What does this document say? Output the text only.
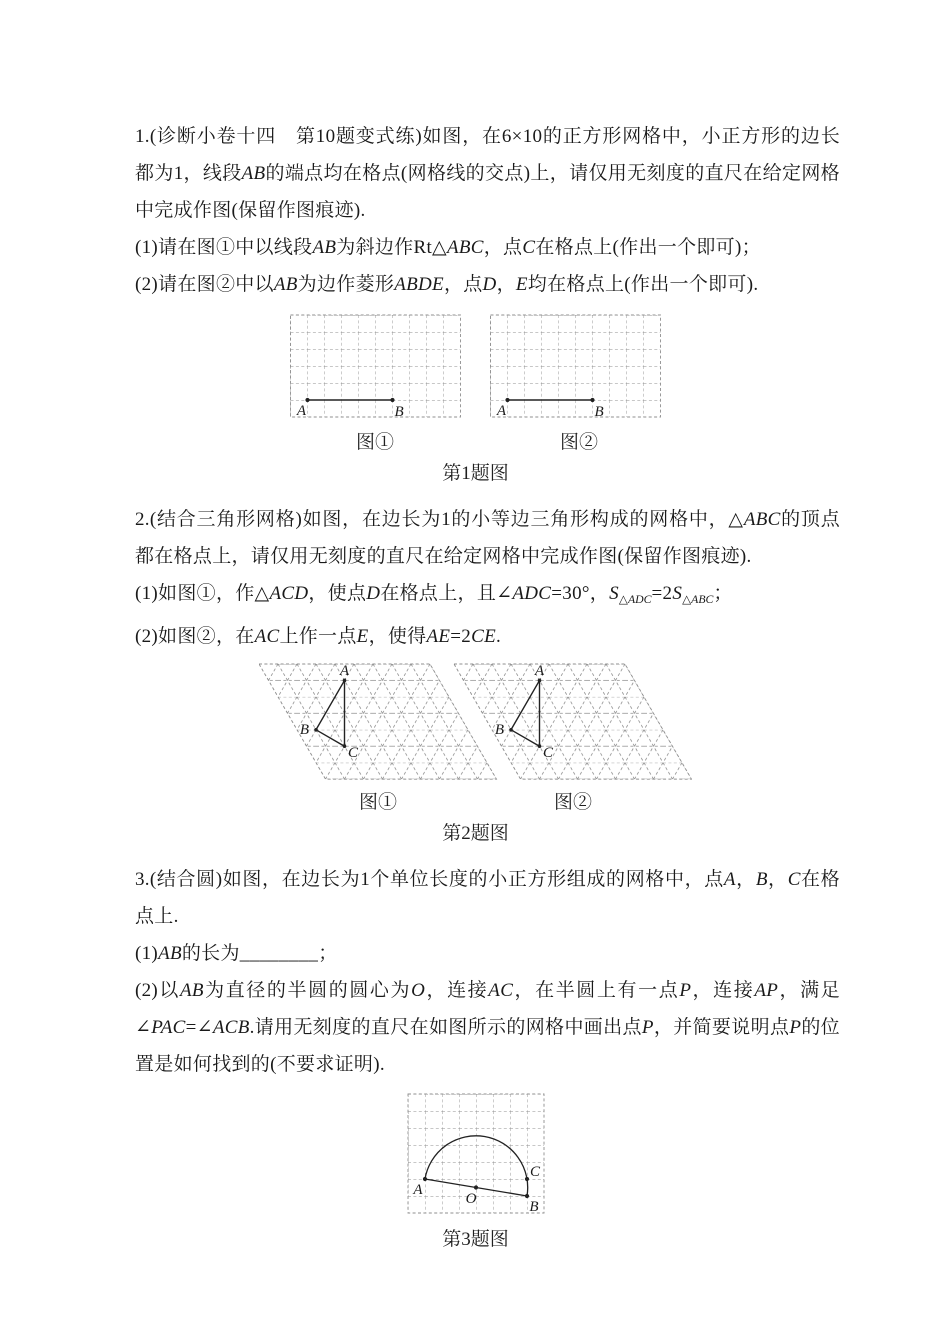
1.(诊断小卷十四　第10题变式练)如图，在6×10的正方形网格中，小正方形的边长都为1，线段AB的端点均在格点(网格线的交点)上，请仅用无刻度的直尺在给定网格中完成作图(保留作图痕迹).

(1)请在图①中以线段AB为斜边作Rt△ABC，点C在格点上(作出一个即可)；

(2)请在图②中以AB为边作菱形ABDE，点D，E均在格点上(作出一个即可).

A	B	A	B
图①	图②
第1题图

2.(结合三角形网格)如图，在边长为1的小等边三角形构成的网格中，△ABC的顶点都在格点上，请仅用无刻度的直尺在给定网格中完成作图(保留作图痕迹).

(1)如图①，作△ACD，使点D在格点上，且∠ADC=30°，S△ADC=2S△ABC；

(2)如图②，在AC上作一点E，使得AE=2CE.

A
B
C
A
B
C
图①	图②
第2题图

3.(结合圆)如图，在边长为1个单位长度的小正方形组成的网格中，点A，B，C在格点上.

(1)AB的长为________；

(2)以AB为直径的半圆的圆心为O，连接AC，在半圆上有一点P，连接AP，满足∠PAC=∠ACB.请用无刻度的直尺在如图所示的网格中画出点P，并简要说明点P的位置是如何找到的(不要求证明).

A
O	B
C
第3题图
